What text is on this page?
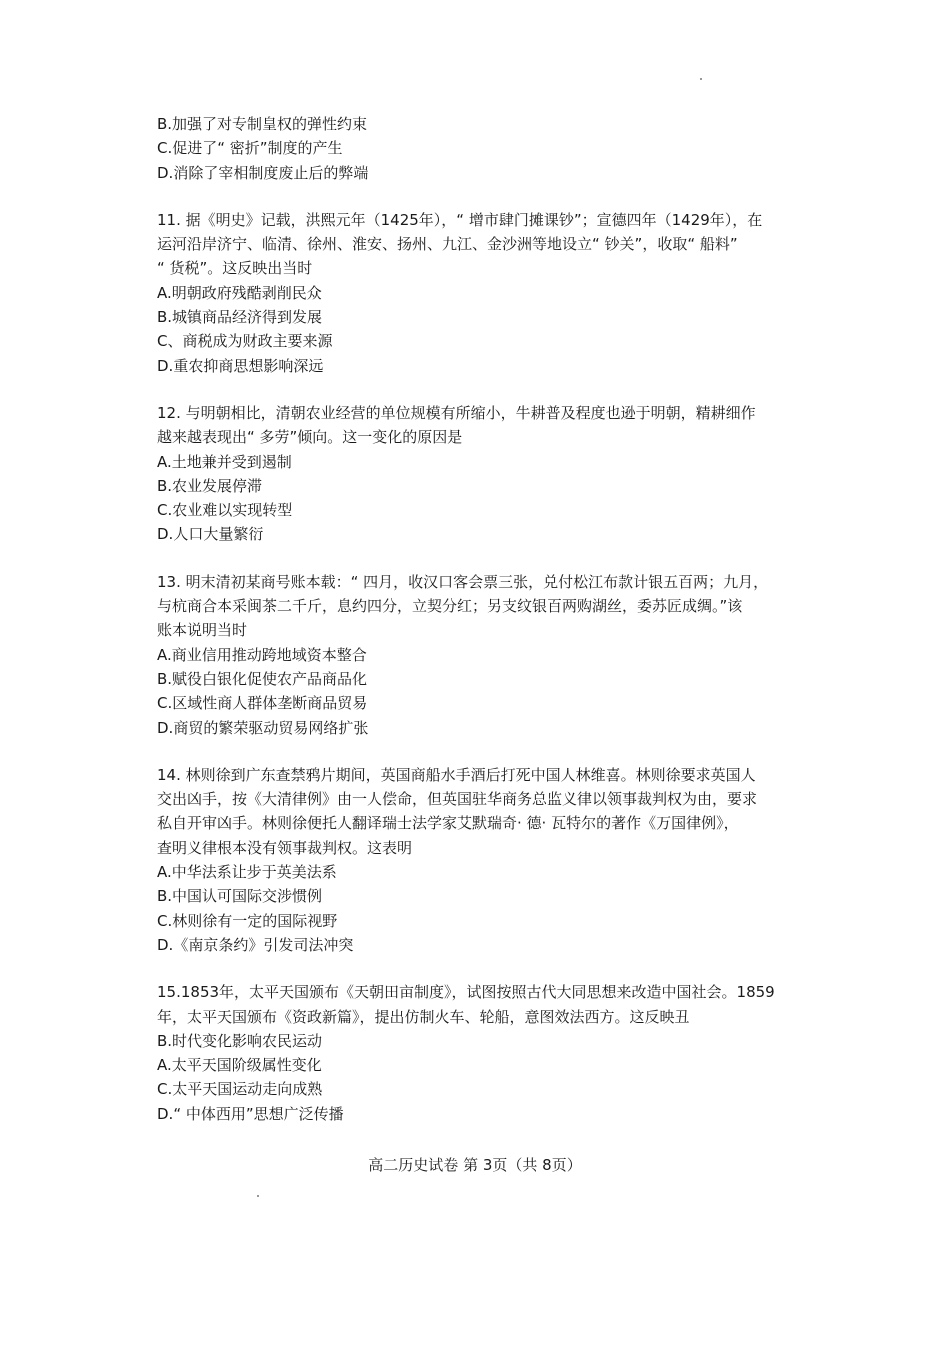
B.加强了对专制皇权的弹性约束
C.促进了“ 密折”制度的产生
D.消除了宰相制度废止后的弊端
11. 据《明史》记载，洪熙元年（1425年），“ 增市肆门摊课钞”；宣德四年（1429年），在
运河沿岸济宁、临清、徐州、淮安、扬州、九江、金沙洲等地设立“ 钞关”，收取“ 船料”
“ 货税”。这反映出当时
A.明朝政府残酷剥削民众
B.城镇商品经济得到发展
C、商税成为财政主要来源
D.重农抑商思想影响深远
12. 与明朝相比，清朝农业经营的单位规模有所缩小，牛耕普及程度也逊于明朝，精耕细作
越来越表现出“ 多劳”倾向。这一变化的原因是
A.土地兼并受到遏制
B.农业发展停滞
C.农业难以实现转型
D.人口大量繁衍
13. 明末清初某商号账本载：“ 四月，收汉口客会票三张，兑付松江布款计银五百两；九月，
与杭商合本采闽茶二千斤，息约四分，立契分红；另支纹银百两购湖丝，委苏匠成绸。”该
账本说明当时
A.商业信用推动跨地域资本整合
B.赋役白银化促使农产品商品化
C.区域性商人群体垄断商品贸易
D.商贸的繁荣驱动贸易网络扩张
14. 林则徐到广东查禁鸦片期间，英国商船水手酒后打死中国人林维喜。林则徐要求英国人
交出凶手，按《大清律例》由一人偿命，但英国驻华商务总监义律以领事裁判权为由，要求
私自开审凶手。林则徐便托人翻译瑞士法学家艾默瑞奇· 德· 瓦特尔的著作《万国律例》，
查明义律根本没有领事裁判权。这表明
A.中华法系让步于英美法系
B.中国认可国际交涉惯例
C.林则徐有一定的国际视野
D.《南京条约》引发司法冲突
15.1853年，太平天国颁布《天朝田亩制度》，试图按照古代大同思想来改造中国社会。1859
年，太平天国颁布《资政新篇》，提出仿制火车、轮船，意图效法西方。这反映丑
B.时代变化影响农民运动
A.太平天国阶级属性变化
C.太平天国运动走向成熟
D.“ 中体西用”思想广泛传播
高二历史试卷 第 3页（共 8页）
